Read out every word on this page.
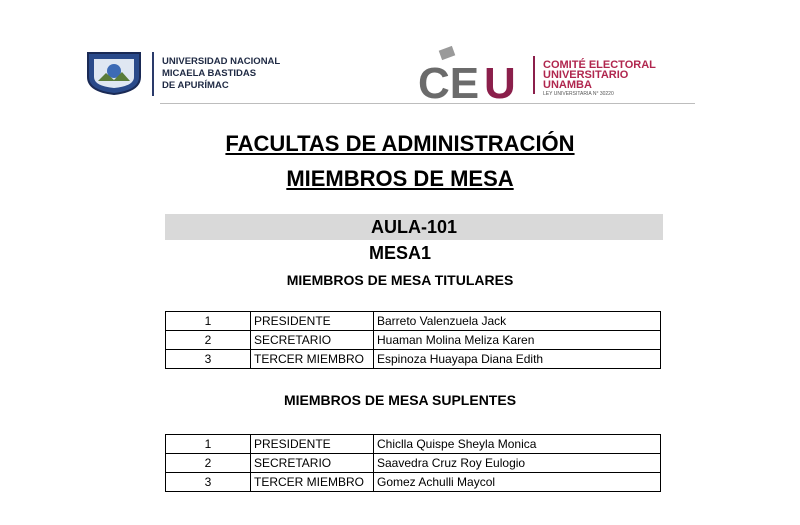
UNIVERSIDAD NACIONAL
MICAELA BASTIDAS
DE APURÍMAC	CE U COMITÉ ELECTORAL
UNIVERSITARIO
UNAMBA
LEY UNIVERSITARIA N° 30220
FACULTAS DE ADMINISTRACIÓN
MIEMBROS DE MESA
AULA-101
MESA1
MIEMBROS DE MESA TITULARES
1	PRESIDENTE	Barreto Valenzuela Jack
2	SECRETARIO	Huaman Molina Meliza Karen
3	TERCER MIEMBRO	Espinoza Huayapa Diana Edith
MIEMBROS DE MESA SUPLENTES
1	PRESIDENTE	Chiclla Quispe Sheyla Monica
2	SECRETARIO	Saavedra Cruz Roy Eulogio
3	TERCER MIEMBRO	Gomez Achulli Maycol
